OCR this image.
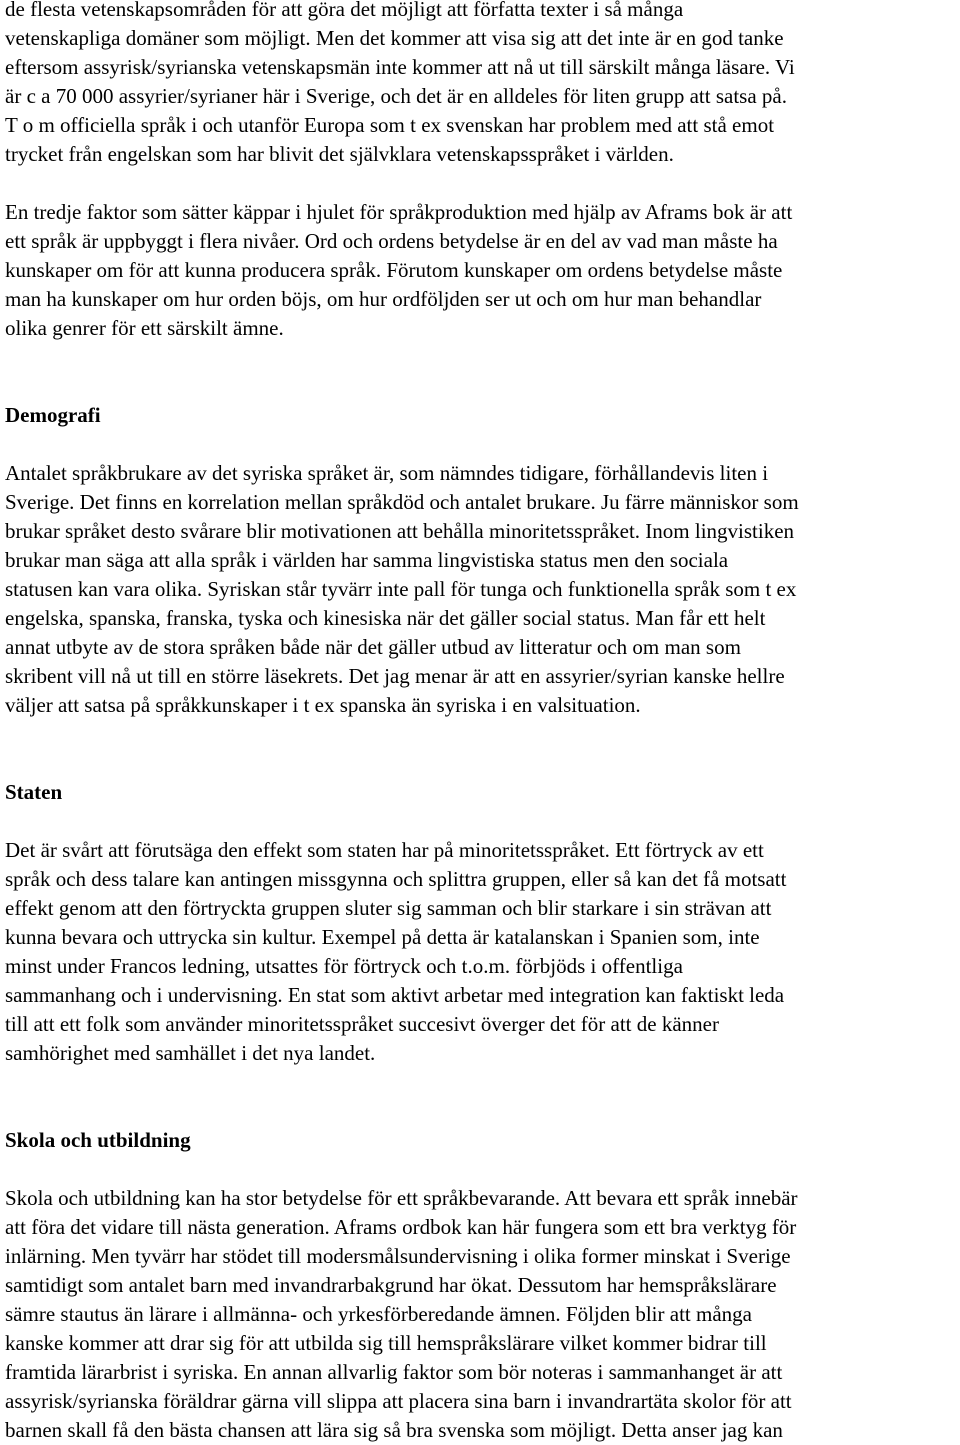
de flesta vetenskapsområden för att göra det möjligt att författa texter i så många
vetenskapliga domäner som möjligt. Men det kommer att visa sig att det inte är en god tanke
eftersom assyrisk/syrianska vetenskapsmän inte kommer att nå ut till särskilt många läsare. Vi
är c a 70 000 assyrier/syrianer här i Sverige, och det är en alldeles för liten grupp att satsa på.
T o m officiella språk i och utanför Europa som t ex svenskan har problem med att stå emot
trycket från engelskan som har blivit det självklara vetenskapsspråket i världen.

En tredje faktor som sätter käppar i hjulet för språkproduktion med hjälp av Aframs bok är att
ett språk är uppbyggt i flera nivåer. Ord och ordens betydelse är en del av vad man måste ha
kunskaper om för att kunna producera språk. Förutom kunskaper om ordens betydelse måste
man ha kunskaper om hur orden böjs, om hur ordföljden ser ut och om hur man behandlar
olika genrer för ett särskilt ämne.

Demografi

Antalet språkbrukare av det syriska språket är, som nämndes tidigare, förhållandevis liten i
Sverige. Det finns en korrelation mellan språkdöd och antalet brukare. Ju färre människor som
brukar språket desto svårare blir motivationen att behålla minoritetsspråket. Inom lingvistiken
brukar man säga att alla språk i världen har samma lingvistiska status men den sociala
statusen kan vara olika. Syriskan står tyvärr inte pall för tunga och funktionella språk som t ex
engelska, spanska, franska, tyska och kinesiska när det gäller social status. Man får ett helt
annat utbyte av de stora språken både när det gäller utbud av litteratur och om man som
skribent vill nå ut till en större läsekrets. Det jag menar är att en assyrier/syrian kanske hellre
väljer att satsa på språkkunskaper i t ex spanska än syriska i en valsituation.

Staten

Det är svårt att förutsäga den effekt som staten har på minoritetsspråket. Ett förtryck av ett
språk och dess talare kan antingen missgynna och splittra gruppen, eller så kan det få motsatt
effekt genom att den förtryckta gruppen sluter sig samman och blir starkare i sin strävan att
kunna bevara och uttrycka sin kultur. Exempel på detta är katalanskan i Spanien som, inte
minst under Francos ledning, utsattes för förtryck och t.o.m. förbjöds i offentliga
sammanhang och i undervisning. En stat som aktivt arbetar med integration kan faktiskt leda
till att ett folk som använder minoritetsspråket succesivt överger det för att de känner
samhörighet med samhället i det nya landet.

Skola och utbildning

Skola och utbildning kan ha stor betydelse för ett språkbevarande. Att bevara ett språk innebär
att föra det vidare till nästa generation. Aframs ordbok kan här fungera som ett bra verktyg för
inlärning. Men tyvärr har stödet till modersmålsundervisning i olika former minskat i Sverige
samtidigt som antalet barn med invandrarbakgrund har ökat. Dessutom har hemspråkslärare
sämre stautus än lärare i allmänna- och yrkesförberedande ämnen. Följden blir att många
kanske kommer att drar sig för att utbilda sig till hemspråkslärare vilket kommer bidrar till
framtida lärarbrist i syriska. En annan allvarlig faktor som bör noteras i sammanhanget är att
assyrisk/syrianska föräldrar gärna vill slippa att placera sina barn i invandrartäta skolor för att
barnen skall få den bästa chansen att lära sig så bra svenska som möjligt. Detta anser jag kan
